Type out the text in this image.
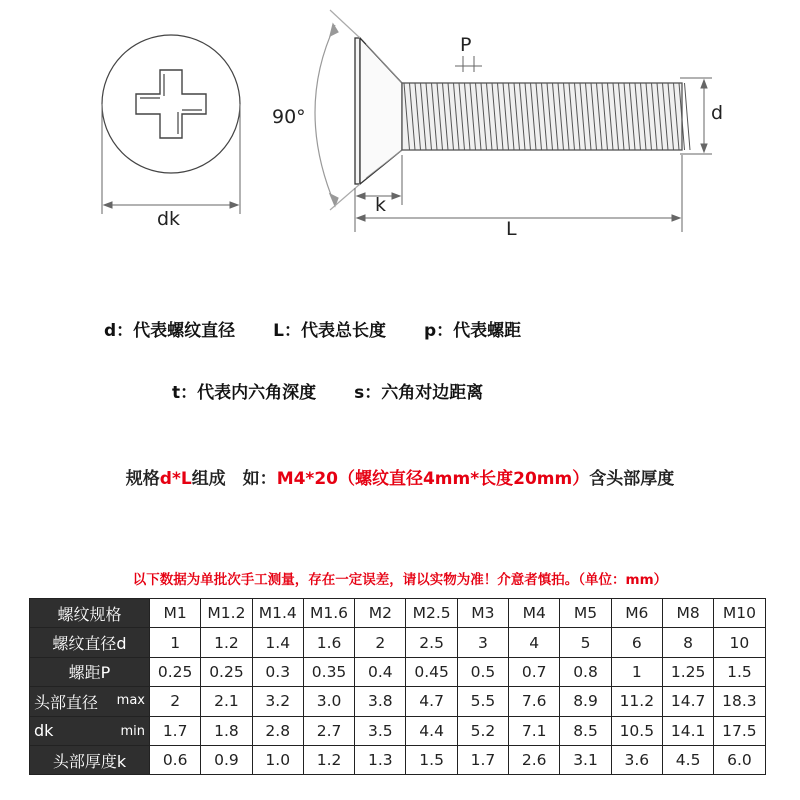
dk
90°
P
d
k
L
d：代表螺纹直径 L：代表总长度 p：代表螺距
t：代表内六角深度 s：六角对边距离
规格d*L组成　如：M4*20（螺纹直径4mm*长度20mm）含头部厚度
以下数据为单批次手工测量，存在一定误差，请以实物为准！介意者慎拍。（单位：mm）
螺纹规格	M1	M1.2	M1.4	M1.6	M2	M2.5	M3	M4	M5	M6	M8	M10
螺纹直径d	1	1.2	1.4	1.6	2	2.5	3	4	5	6	8	10
螺距P	0.25	0.25	0.3	0.35	0.4	0.45	0.5	0.7	0.8	1	1.25	1.5
头部直径 max	2	2.1	3.2	3.0	3.8	4.7	5.5	7.6	8.9	11.2	14.7	18.3
dk min	1.7	1.8	2.8	2.7	3.5	4.4	5.2	7.1	8.5	10.5	14.1	17.5
头部厚度k	0.6	0.9	1.0	1.2	1.3	1.5	1.7	2.6	3.1	3.6	4.5	6.0
